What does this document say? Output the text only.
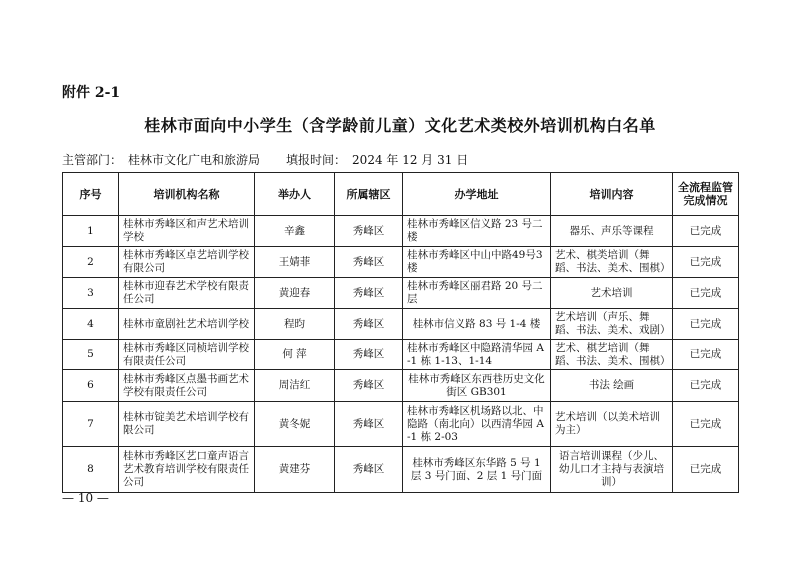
附件 2-1
桂林市面向中小学生（含学龄前儿童）文化艺术类校外培训机构白名单
主管部门： 桂林市文化广电和旅游局 填报时间： 2024 年 12 月 31 日
序号	培训机构名称	举办人	所属辖区	办学地址	培训内容	全流程监管完成情况
1	桂林市秀峰区和声艺术培训学校	辛鑫	秀峰区	桂林市秀峰区信义路 23 号二楼	器乐、声乐等课程	已完成
2	桂林市秀峰区卓艺培训学校有限公司	王婧菲	秀峰区	桂林市秀峰区中山中路49号3楼	艺术、棋类培训（舞蹈、书法、美术、围棋）	已完成
3	桂林市迎春艺术学校有限责任公司	黄迎春	秀峰区	桂林市秀峰区丽君路 20 号二层	艺术培训	已完成
4	桂林市童剧社艺术培训学校	程昀	秀峰区	桂林市信义路 83 号 1-4 楼	艺术培训（声乐、舞蹈、书法、美术、戏剧）	已完成
5	桂林市秀峰区同桢培训学校有限责任公司	何 萍	秀峰区	桂林市秀峰区中隐路清华园 A-1 栋 1-13、1-14	艺术、棋艺培训（舞蹈、书法、美术、围棋）	已完成
6	桂林市秀峰区点墨书画艺术学校有限责任公司	周洁红	秀峰区	桂林市秀峰区东西巷历史文化街区 GB301	书法 绘画	已完成
7	桂林市锭美艺术培训学校有限公司	黄冬妮	秀峰区	桂林市秀峰区机场路以北、中隐路（南北向）以西清华园 A-1 栋 2-03	艺术培训（以美术培训为主）	已完成
8	桂林市秀峰区艺口童声语言艺术教育培训学校有限责任公司	黄建芬	秀峰区	桂林市秀峰区东华路 5 号 1 层 3 号门面、2 层 1 号门面	语言培训课程（少儿、幼儿口才主持与表演培训）	已完成
— 10 —
